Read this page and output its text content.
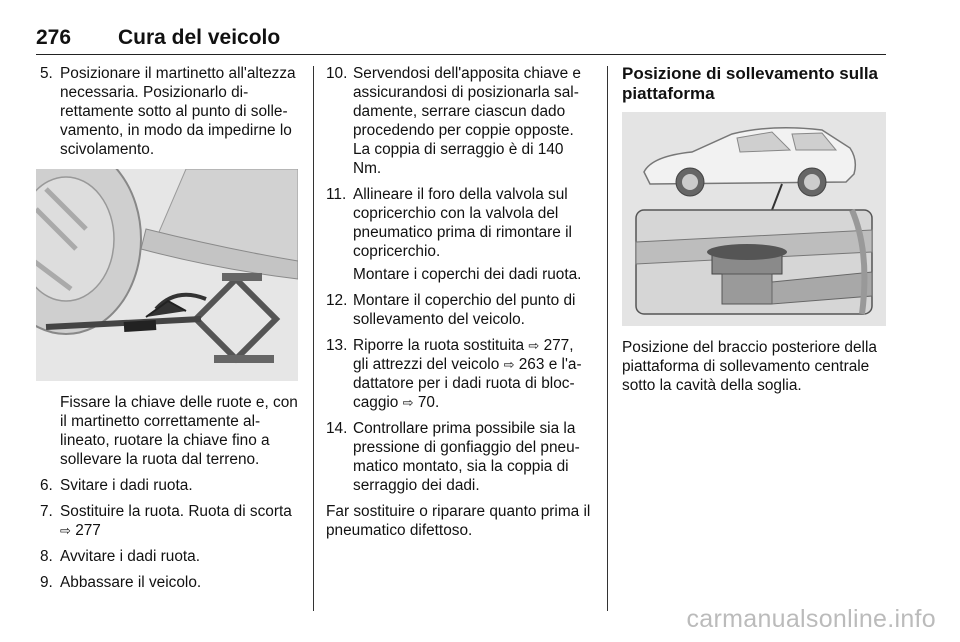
276 Cura del veicolo
5. Posizionare il martinetto all'altezza necessaria. Posizionarlo direttamente sotto al punto di sollevamento, in modo da impedirne lo scivolamento.
Fissare la chiave delle ruote e, con il martinetto correttamente allineato, ruotare la chiave fino a sollevare la ruota dal terreno.
6. Svitare i dadi ruota.
7. Sostituire la ruota. Ruota di scorta
⇨ 277
8. Avvitare i dadi ruota.
9. Abbassare il veicolo.
10. Servendosi dell'apposita chiave e assicurandosi di posizionarla saldamente, serrare ciascun dado procedendo per coppie opposte. La coppia di serraggio è di 140 Nm.
11. Allineare il foro della valvola sul copricerchio con la valvola del pneumatico prima di rimontare il copricerchio.
Montare i coperchi dei dadi ruota.
12. Montare il coperchio del punto di sollevamento del veicolo.
13. Riporre la ruota sostituita ⇨ 277, gli attrezzi del veicolo ⇨ 263 e l'adattatore per i dadi ruota di bloccaggio ⇨ 70.
14. Controllare prima possibile sia la pressione di gonfiaggio del pneumatico montato, sia la coppia di serraggio dei dadi.
Far sostituire o riparare quanto prima il pneumatico difettoso.
Posizione di sollevamento sulla piattaforma
Posizione del braccio posteriore della piattaforma di sollevamento centrale sotto la cavità della soglia.
carmanualsonline.info
